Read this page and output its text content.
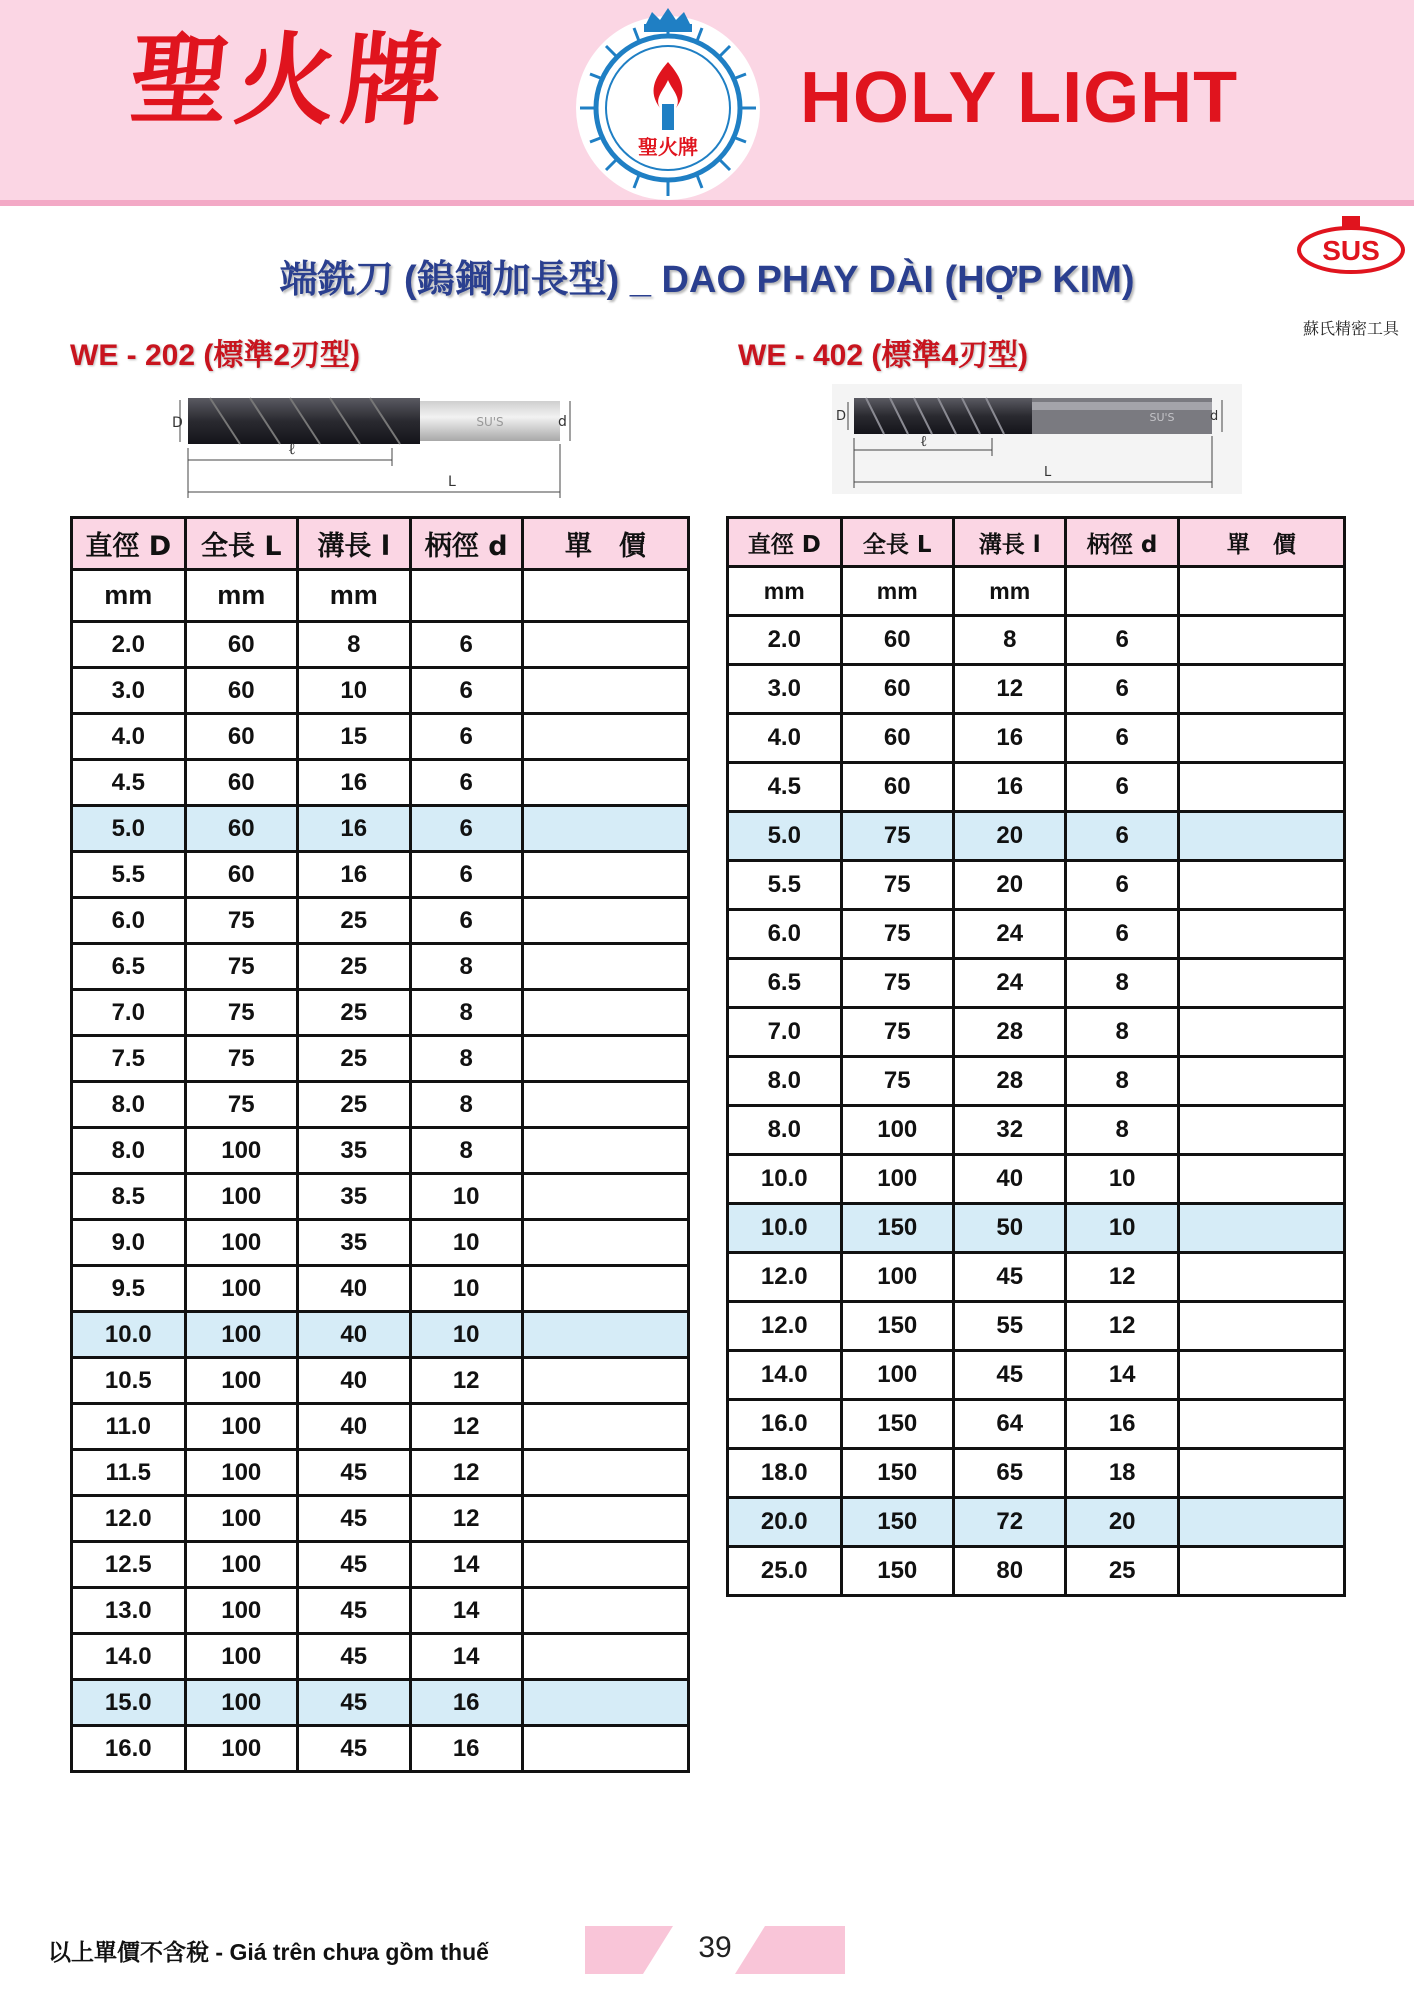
聖火牌
聖火牌
HOLY LIGHT
端銑刀 (鎢鋼加長型) _ DAO PHAY DÀI (HỢP KIM)
SUS
蘇氏精密工具
WE - 202 (標準2刃型)	WE - 402 (標準4刃型)
D	SU'S	d
ℓ
L
D	SU'S	d
ℓ
L
直徑 D	全長 L	溝長 l	柄徑 d	單　價
mm	mm	mm		
2.0	60	8	6	
3.0	60	10	6	
4.0	60	15	6	
4.5	60	16	6	
5.0	60	16	6	
5.5	60	16	6	
6.0	75	25	6	
6.5	75	25	8	
7.0	75	25	8	
7.5	75	25	8	
8.0	75	25	8	
8.0	100	35	8	
8.5	100	35	10	
9.0	100	35	10	
9.5	100	40	10	
10.0	100	40	10	
10.5	100	40	12	
11.0	100	40	12	
11.5	100	45	12	
12.0	100	45	12	
12.5	100	45	14	
13.0	100	45	14	
14.0	100	45	14	
15.0	100	45	16	
16.0	100	45	16	
直徑 D	全長 L	溝長 l	柄徑 d	單　價
mm	mm	mm		
2.0	60	8	6	
3.0	60	12	6	
4.0	60	16	6	
4.5	60	16	6	
5.0	75	20	6	
5.5	75	20	6	
6.0	75	24	6	
6.5	75	24	8	
7.0	75	28	8	
8.0	75	28	8	
8.0	100	32	8	
10.0	100	40	10	
10.0	150	50	10	
12.0	100	45	12	
12.0	150	55	12	
14.0	100	45	14	
16.0	150	64	16	
18.0	150	65	18	
20.0	150	72	20	
25.0	150	80	25	
以上單價不含稅 - Giá trên chưa gồm thuế	39
